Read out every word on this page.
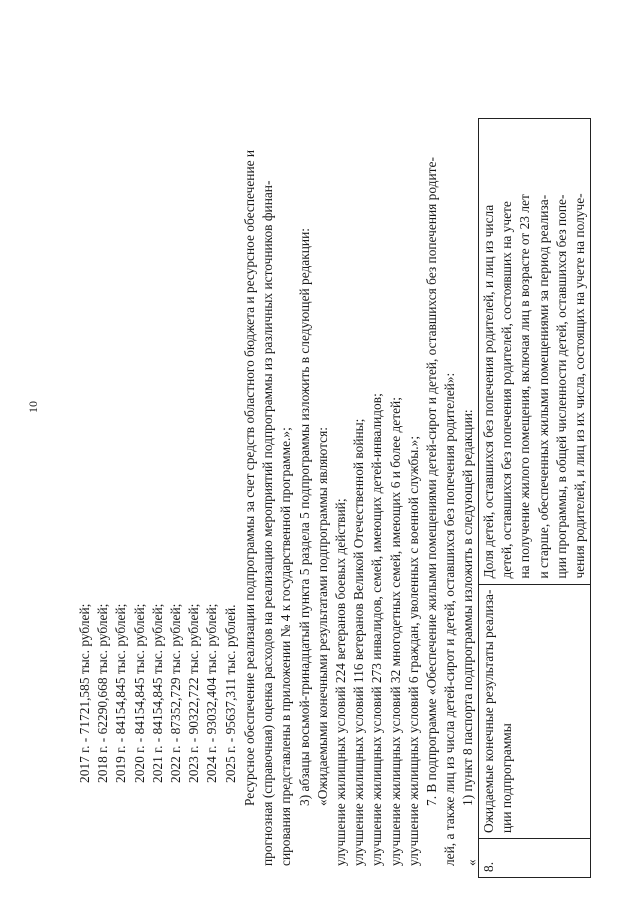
10
2017 г. - 71721,585 тыс. рублей; 2018 г. - 62290,668 тыс. рублей; 2019 г. - 84154,845 тыс. рублей; 2020 г. - 84154,845 тыс. рублей; 2021 г. - 84154,845 тыс. рублей; 2022 г. - 87352,729 тыс. рублей; 2023 г. - 90322,722 тыс. рублей; 2024 г. - 93032,404 тыс. рублей; 2025 г. - 95637,311 тыс. рублей. Ресурсное обеспечение реализации подпрограммы за счет средств областного бюджета и ресурсное обеспечение и прогнозная (справочная) оценка расходов на реализацию мероприятий подпрограммы из различных источников финан- сирования представлены в приложении № 4 к государственной программе.»; 3) абзацы восьмой-тринадцатый пункта 5 раздела 5 подпрограммы изложить в следующей редакции: «Ожидаемыми конечными результатами подпрограммы являются: улучшение жилищных условий 224 ветеранов боевых действий; улучшение жилищных условий 116 ветеранов Великой Отечественной войны; улучшение жилищных условий 273 инвалидов, семей, имеющих детей-инвалидов; улучшение жилищных условий 32 многодетных семей, имеющих 6 и более детей; улучшение жилищных условий 6 граждан, уволенных с военной службы.»; 7. В подпрограмме «Обеспечение жилыми помещениями детей-сирот и детей, оставшихся без попечения родите- лей, а также лиц из числа детей-сирот и детей, оставшихся без попечения родителей»: 1) пункт 8 паспорта подпрограммы изложить в следующей редакции:
« 8.	
Ожидаемые конечные результаты реализа- ции подпрограммы

Доля детей, оставшихся без попечения родителей, и лиц из числа детей, оставшихся без попечения родителей, состоявших на учете на получение жилого помещения, включая лиц в возрасте от 23 лет и старше, обеспеченных жилыми помещениями за период реализа- ции программы, в общей численности детей, оставшихся без попе- чения родителей, и лиц из их числа, состоящих на учете на получе-
